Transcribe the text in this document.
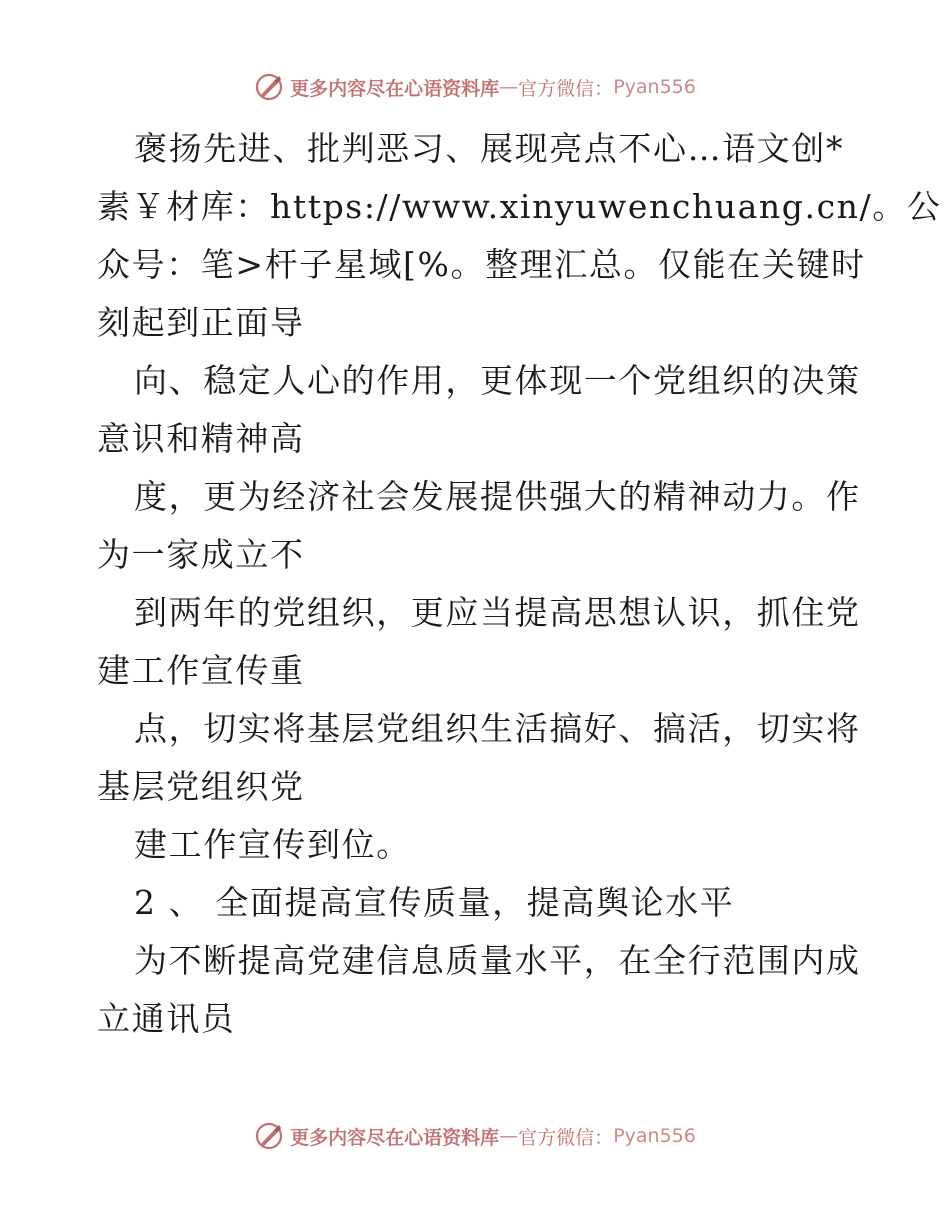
更多内容尽在心语资料库 — 官方微信： Pyan556
褒扬先进、批判恶习、展现亮点不心…语文创*
素￥材库：https://www.xinyuwenchuang.cn/。公
众号：笔>杆子星域[%。整理汇总。仅能在关键时
刻起到正面导
向、稳定人心的作用，更体现一个党组织的决策
意识和精神高
度，更为经济社会发展提供强大的精神动力。作
为一家成立不
到两年的党组织，更应当提高思想认识，抓住党
建工作宣传重
点，切实将基层党组织生活搞好、搞活，切实将
基层党组织党
建工作宣传到位。
2 、 全面提高宣传质量，提高舆论水平
为不断提高党建信息质量水平，在全行范围内成
立通讯员
更多内容尽在心语资料库 — 官方微信： Pyan556
